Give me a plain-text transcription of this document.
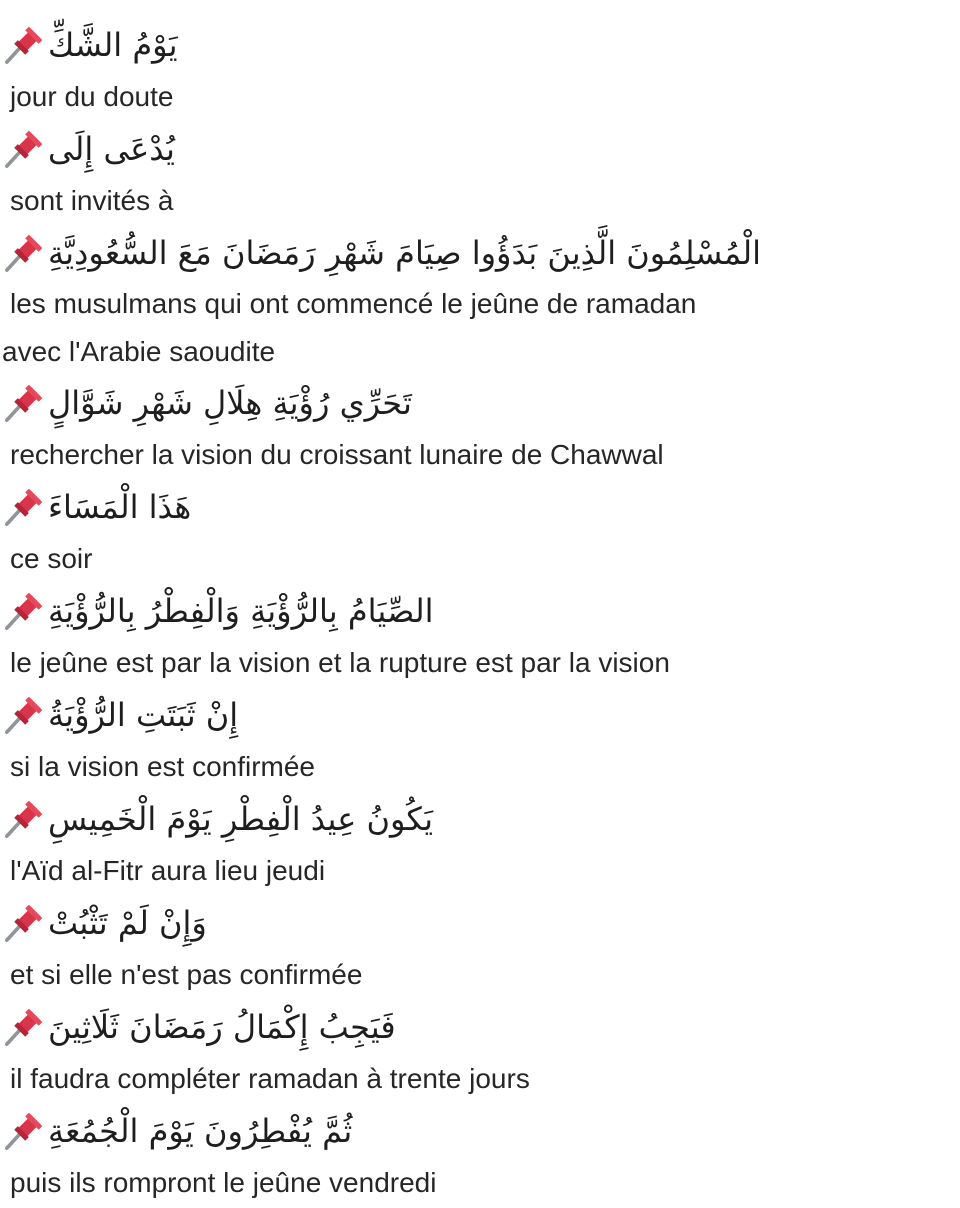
يَوْمُ الشَّكِّ
jour du doute
يُدْعَى إِلَى
sont invités à
الْمُسْلِمُونَ الَّذِينَ بَدَؤُوا صِيَامَ شَهْرِ رَمَضَانَ مَعَ السُّعُودِيَّةِ
les musulmans qui ont commencé le jeûne de ramadan
avec l'Arabie saoudite
تَحَرِّي رُؤْيَةِ هِلَالِ شَهْرِ شَوَّالٍ
rechercher la vision du croissant lunaire de Chawwal
هَذَا الْمَسَاءَ
ce soir
الصِّيَامُ بِالرُّؤْيَةِ وَالْفِطْرُ بِالرُّؤْيَةِ
le jeûne est par la vision et la rupture est par la vision
إِنْ ثَبَتَتِ الرُّؤْيَةُ
si la vision est confirmée
يَكُونُ عِيدُ الْفِطْرِ يَوْمَ الْخَمِيسِ
l'Aïd al-Fitr aura lieu jeudi
وَإِنْ لَمْ تَثْبُتْ
et si elle n'est pas confirmée
فَيَجِبُ إِكْمَالُ رَمَضَانَ ثَلَاثِينَ
il faudra compléter ramadan à trente jours
ثُمَّ يُفْطِرُونَ يَوْمَ الْجُمُعَةِ
puis ils rompront le jeûne vendredi
